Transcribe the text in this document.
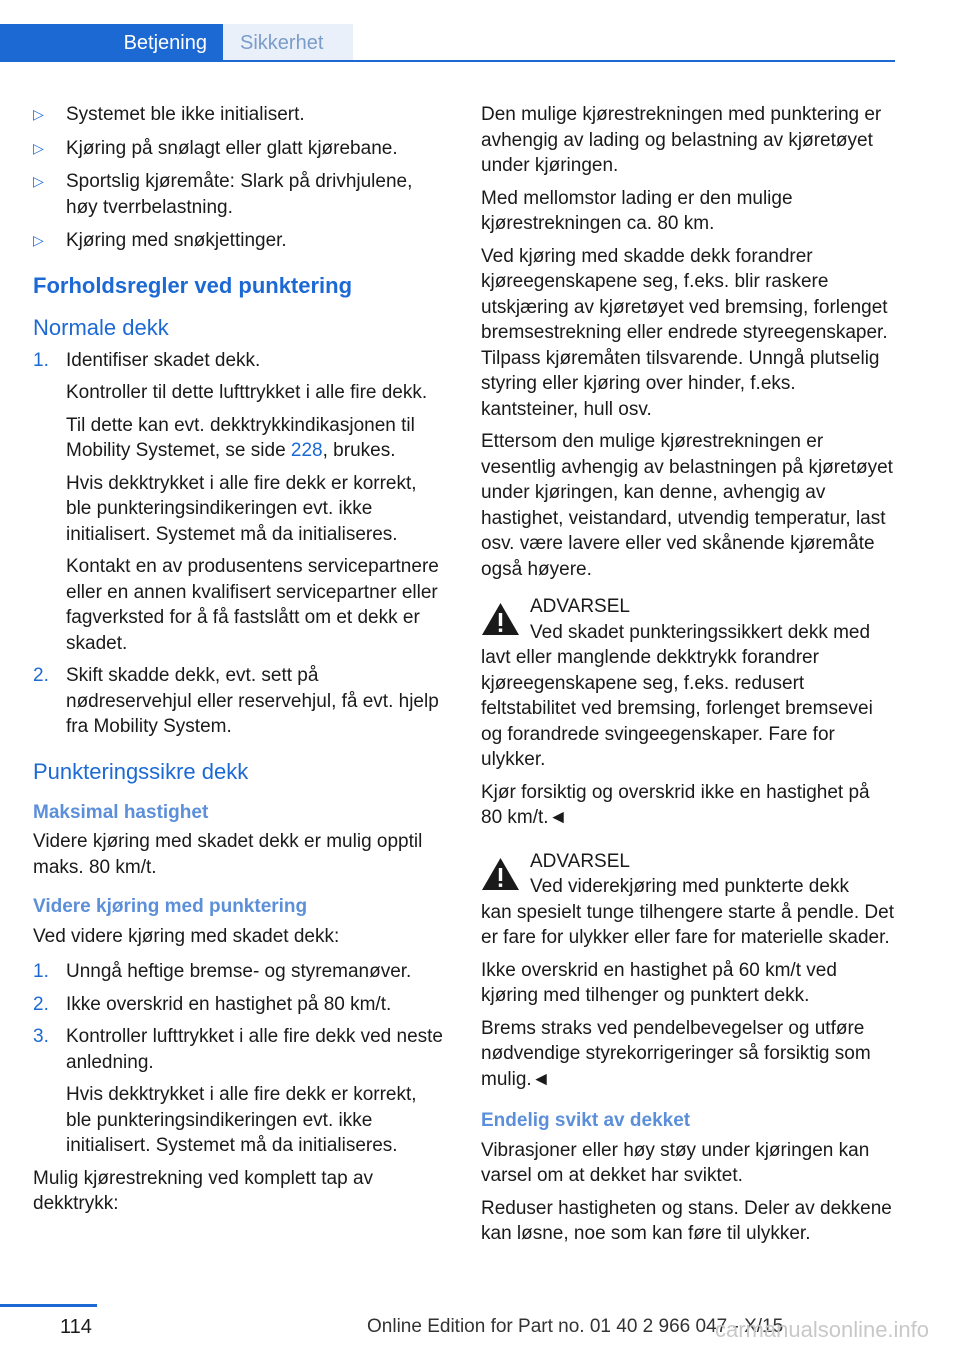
Betjening	Sikkerhet
▷ Systemet ble ikke initialisert.
▷ Kjøring på snølagt eller glatt kjørebane.
▷ Sportslig kjøremåte: Slark på drivhjulene, høy tverrbelastning.
▷ Kjøring med snøkjettinger.
Forholdsregler ved punktering
Normale dekk
1. Identifiser skadet dekk.

Kontroller til dette lufttrykket i alle fire dekk.

Til dette kan evt. dekktrykkindikasjonen til Mobility Systemet, se side 228, brukes.

Hvis dekktrykket i alle fire dekk er korrekt, ble punkteringsindikeringen evt. ikke initialisert. Systemet må da initialiseres.

Kontakt en av produsentens servicepartnere eller en annen kvalifisert servicepartner eller fagverksted for å få fastslått om et dekk er skadet.

2. Skift skadde dekk, evt. sett på nødreservehjul eller reservehjul, få evt. hjelp fra Mobility System.

Punkteringssikre dekk
Maksimal hastighet

Videre kjøring med skadet dekk er mulig opptil maks. 80 km/t.

Videre kjøring med punktering

Ved videre kjøring med skadet dekk:

1. Unngå heftige bremse- og styremanøver.
2. Ikke overskrid en hastighet på 80 km/t.
3. Kontroller lufttrykket i alle fire dekk ved neste anledning.

Hvis dekktrykket i alle fire dekk er korrekt, ble punkteringsindikeringen evt. ikke initialisert. Systemet må da initialiseres.

Mulig kjørestrekning ved komplett tap av dekktrykk:

Den mulige kjørestrekningen med punktering er avhengig av lading og belastning av kjøretøyet under kjøringen.

Med mellomstor lading er den mulige kjørestrekningen ca. 80 km.

Ved kjøring med skadde dekk forandrer kjøreegenskapene seg, f.eks. blir raskere utskjæring av kjøretøyet ved bremsing, forlenget bremsestrekning eller endrede styreegenskaper. Tilpass kjøremåten tilsvarende. Unngå plutselig styring eller kjøring over hinder, f.eks. kantsteiner, hull osv.

Ettersom den mulige kjørestrekningen er vesentlig avhengig av belastningen på kjøretøyet under kjøringen, kan denne, avhengig av hastighet, veistandard, utvendig temperatur, last osv. være lavere eller ved skånende kjøremåte også høyere.

ADVARSEL
Ved skadet punkteringssikkert dekk med

lavt eller manglende dekktrykk forandrer kjøreegenskapene seg, f.eks. redusert feltstabilitet ved bremsing, forlenget bremsevei og forandrede svingeegenskaper. Fare for ulykker.

Kjør forsiktig og overskrid ikke en hastighet på 80 km/t.◄

ADVARSEL
Ved viderekjøring med punkterte dekk

kan spesielt tunge tilhengere starte å pendle. Det er fare for ulykker eller fare for materielle skader.

Ikke overskrid en hastighet på 60 km/t ved kjøring med tilhenger og punktert dekk.

Brems straks ved pendelbevegelser og utføre nødvendige styrekorrigeringer så forsiktig som mulig.◄

Endelig svikt av dekket

Vibrasjoner eller høy støy under kjøringen kan varsel om at dekket har sviktet.

Reduser hastigheten og stans. Deler av dekkene kan løsne, noe som kan føre til ulykker.

114	Online Edition for Part no. 01 40 2 966 047 - X/15
carmanualsonline.info
